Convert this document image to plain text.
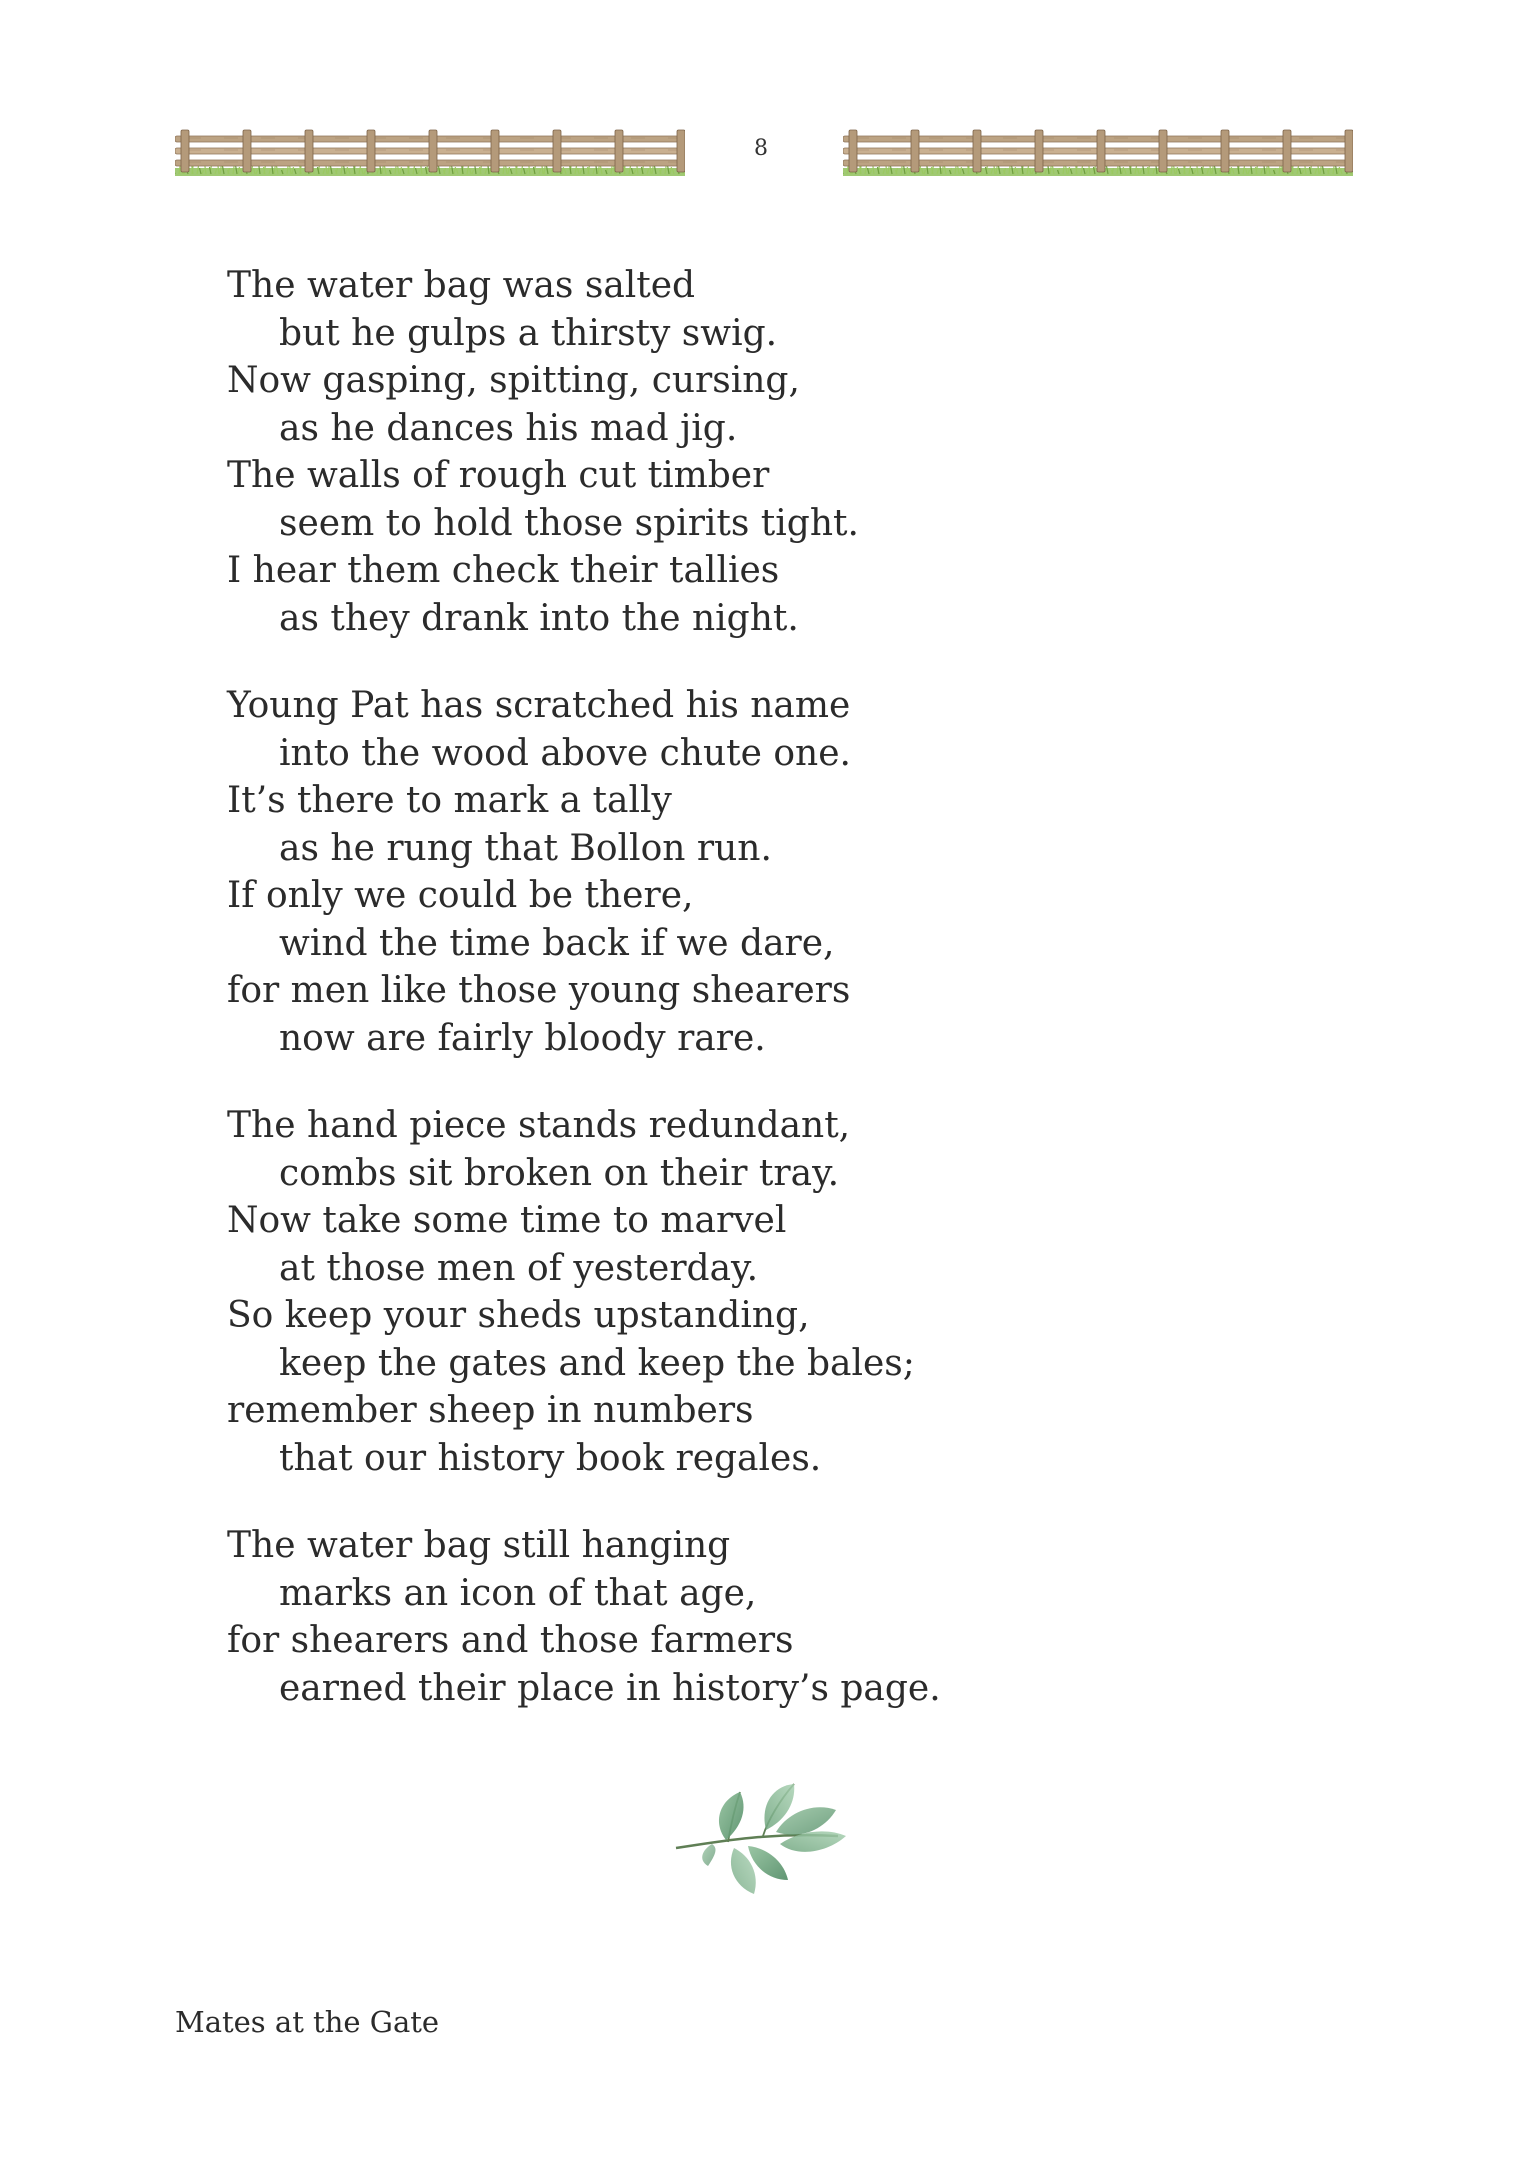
8
The water bag was salted
but he gulps a thirsty swig.
Now gasping, spitting, cursing,
as he dances his mad jig.
The walls of rough cut timber
seem to hold those spirits tight.
I hear them check their tallies
as they drank into the night.
Young Pat has scratched his name
into the wood above chute one.
It’s there to mark a tally
as he rung that Bollon run.
If only we could be there,
wind the time back if we dare,
for men like those young shearers
now are fairly bloody rare.
The hand piece stands redundant,
combs sit broken on their tray.
Now take some time to marvel
at those men of yesterday.
So keep your sheds upstanding,
keep the gates and keep the bales;
remember sheep in numbers
that our history book regales.
The water bag still hanging
marks an icon of that age,
for shearers and those farmers
earned their place in history’s page.
Mates at the Gate
